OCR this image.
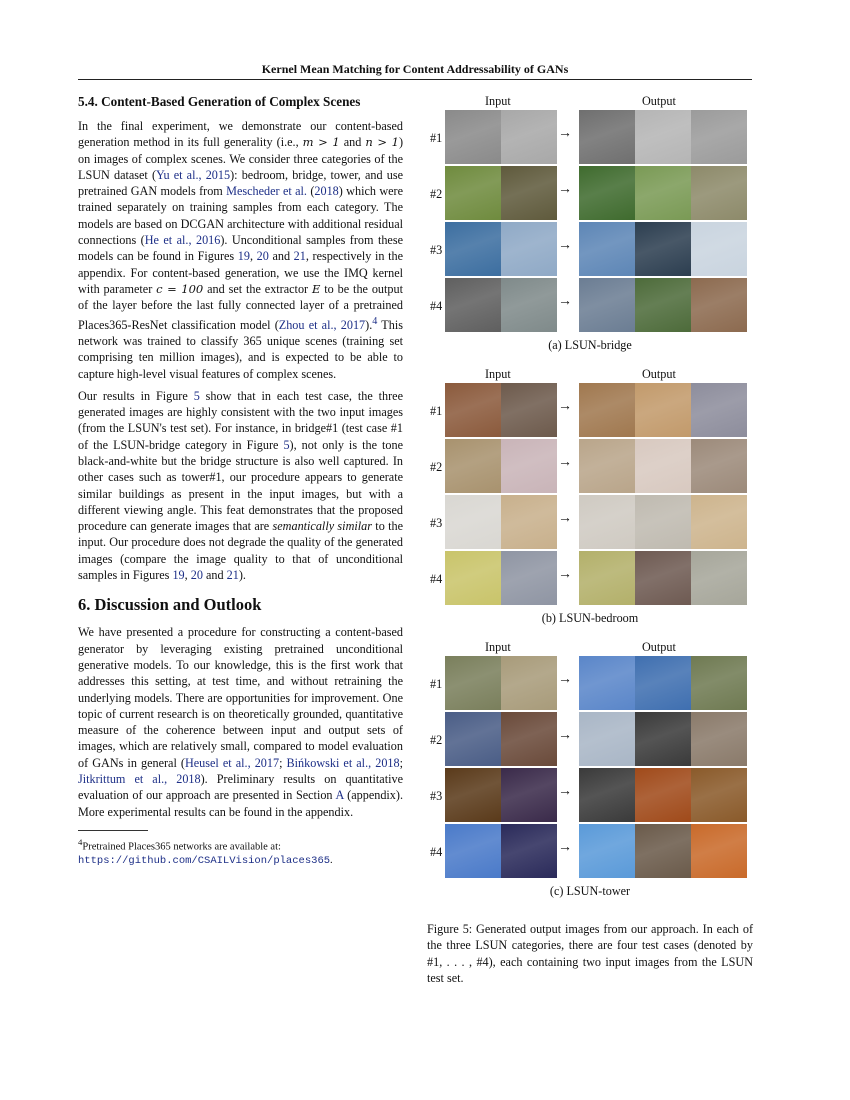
Kernel Mean Matching for Content Addressability of GANs
5.4. Content-Based Generation of Complex Scenes
In the final experiment, we demonstrate our content-based generation method in its full generality (i.e., m > 1 and n > 1) on images of complex scenes. We consider three categories of the LSUN dataset (Yu et al., 2015): bedroom, bridge, tower, and use pretrained GAN models from Mescheder et al. (2018) which were trained separately on training samples from each category. The models are based on DCGAN architecture with additional residual connections (He et al., 2016). Unconditional samples from these models can be found in Figures 19, 20 and 21, respectively in the appendix. For content-based generation, we use the IMQ kernel with parameter c = 100 and set the extractor E to be the output of the layer before the last fully connected layer of a pretrained Places365-ResNet classification model (Zhou et al., 2017).$^4$ This network was trained to classify 365 unique scenes (training set comprising ten million images), and is expected to be able to capture high-level visual features of complex scenes.
Our results in Figure 5 show that in each test case, the three generated images are highly consistent with the two input images (from the LSUN's test set). For instance, in bridge#1 (test case #1 of the LSUN-bridge category in Figure 5), not only is the tone black-and-white but the bridge structure is also well captured. In other cases such as tower#1, our procedure appears to generate similar buildings as present in the input images, but with a different viewing angle. This feat demonstrates that the proposed procedure can generate images that are semantically similar to the input. Our procedure does not degrade the quality of the generated images (compare the image quality to that of unconditional samples in Figures 19, 20 and 21).
6. Discussion and Outlook
We have presented a procedure for constructing a content-based generator by leveraging existing pretrained unconditional generative models. To our knowledge, this is the first work that addresses this setting, at test time, and without retraining the underlying models. There are opportunities for improvement. One topic of current research is on theoretically grounded, quantitative measure of the coherence between input and output sets of images, which are relatively small, compared to model evaluation of GANs in general (Heusel et al., 2017; Bińkowski et al., 2018; Jitkrittum et al., 2018). Preliminary results on quantitative evaluation of our approach are presented in Section A (appendix). More experimental results can be found in the appendix.
$^4$Pretrained Places365 networks are available at: https://github.com/CSAILVision/places365.
Input	Output
#1	→
#2	→
#3	→
#4	→
(a) LSUN-bridge
Input	Output
#1	→
#2	→
#3	→
#4	→
(b) LSUN-bedroom
Input	Output
#1	→
#2	→
#3	→
#4	→
(c) LSUN-tower
Figure 5: Generated output images from our approach. In each of the three LSUN categories, there are four test cases (denoted by #1, . . . , #4), each containing two input images from the LSUN test set.
